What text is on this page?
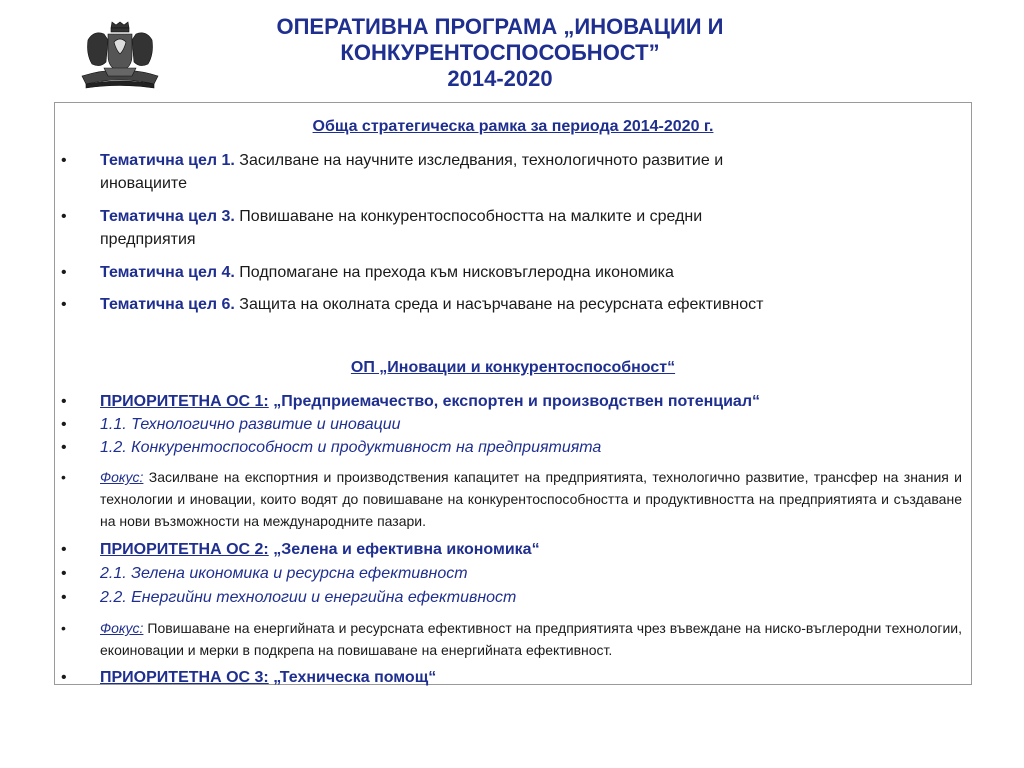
ОПЕРАТИВНА ПРОГРАМА „ИНОВАЦИИ И
КОНКУРЕНТОСПОСОБНОСТ”
2014-2020
Обща стратегическа рамка за периода 2014-2020 г.
• Тематична цел 1. Засилване на научните изследвания, технологичното развитие и
иновациите
• Тематична цел 3. Повишаване на конкурентоспособността на малките и средни
предприятия
• Тематична цел 4. Подпомагане на прехода към нисковъглеродна икономика
• Тематична цел 6. Защита на околната среда и насърчаване на ресурсната ефективност
ОП „Иновации и конкурентоспособност“
• ПРИОРИТЕТНА ОС 1: „Предприемачество, експортен и производствен потенциал“
• 1.1. Технологично развитие и иновации
• 1.2. Конкурентоспособност и продуктивност на предприятията
• Фокус: Засилване на експортния и производствения капацитет на предприятията, технологично развитие, трансфер на знания и технологии и иновации, които водят до повишаване на конкурентоспособността и продуктивността на предприятията и създаване на нови възможности на международните пазари.
• ПРИОРИТЕТНА ОС 2: „Зелена и ефективна икономика“
• 2.1. Зелена икономика и ресурсна ефективност
• 2.2. Енергийни технологии и енергийна ефективност
• Фокус: Повишаване на енергийната и ресурсната ефективност на предприятията чрез въвеждане на ниско-въглеродни технологии, екоиновации и мерки в подкрепа на повишаване на енергийната ефективност.
• ПРИОРИТЕТНА ОС 3: „Техническа помощ“
